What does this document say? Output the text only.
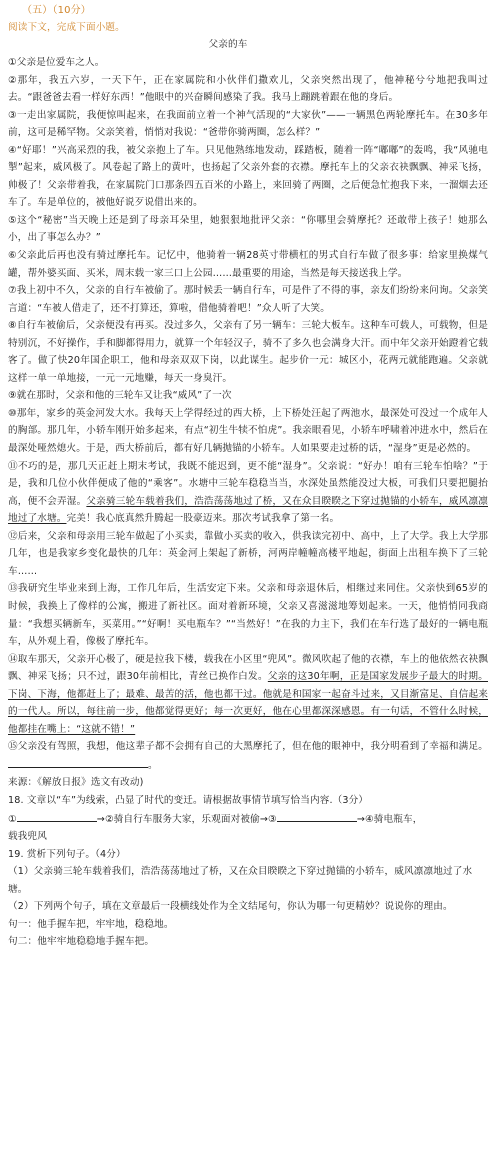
（五）（10分）
阅读下文，完成下面小题。
父亲的车

①父亲是位爱车之人。

②那年，我五六岁，一天下午，正在家属院和小伙伴们撒欢儿，父亲突然出现了，他神秘兮兮地把我叫过去。“跟爸爸去看一样好东西！”他眼中的兴奋瞬间感染了我。我马上蹦跳着跟在他的身后。

③一走出家属院，我便惊叫起来，在我面前立着一个神气活现的“大家伙”——一辆黑色两轮摩托车。在30多年前，这可是稀罕物。父亲笑着，悄悄对我说：“爸带你骑两圈，怎么样？”

④“好耶！”兴高采烈的我，被父亲抱上了车。只见他熟练地发动，踩踏板，随着一阵“嘟嘟”的轰鸣，我“风驰电掣”起来，威风极了。风卷起了路上的黄叶，也扬起了父亲外套的衣襟。摩托车上的父亲衣袂飘飘、神采飞扬，帅极了！父亲带着我，在家属院门口那条四五百米的小路上，来回骑了两圈，之后便急忙抱我下来，一溜烟去还车了。车是单位的，被他好说歹说借出来的。

⑤这个“秘密”当天晚上还是到了母亲耳朵里，她狠狠地批评父亲：“你哪里会骑摩托？还敢带上孩子！她那么小，出了事怎么办？”

⑥父亲此后再也没有骑过摩托车。记忆中，他骑着一辆28英寸带横杠的男式自行车做了很多事：给家里换煤气罐，帮外婆买面、买米，周末载一家三口上公园……最重要的用途，当然是每天接送我上学。

⑦我上初中不久，父亲的自行车被偷了。那时候丢一辆自行车，可是件了不得的事，亲友们纷纷来问询。父亲笑言道：“车被人借走了，还不打算还，算啦，借他骑着吧！”众人听了大笑。

⑧自行车被偷后，父亲便没有再买。没过多久，父亲有了另一辆车：三轮大板车。这种车可载人，可载物，但是特别沉，不好操作，手和脚都得用力，就算一个年轻汉子，骑不了多久也会满身大汗。而中年父亲开始蹬着它载客了。做了快20年国企职工，他和母亲双双下岗，以此谋生。起步价一元：城区小，花两元就能跑遍。父亲就这样一单一单地接，一元一元地赚，每天一身臭汗。

⑨就在那时，父亲和他的三轮车又让我“威风”了一次

⑩那年，家乡的英金河发大水。我每天上学得经过的西大桥，上下桥处汪起了两池水，最深处可没过一个成年人的胸部。那几年，小轿车刚开始多起来，有点“初生牛犊不怕虎”。我亲眼看见，小轿车呼啸着冲进水中，然后在最深处哑然熄火。于是，西大桥前后，都有好几辆抛锚的小轿车。人如果要走过桥的话，“湿身”更是必然的。

⑪不巧的是，那几天正赶上期末考试，我既不能迟到，更不能“湿身”。父亲说：“好办！咱有三轮车怕啥？”于是，我和几位小伙伴便成了他的“乘客”。水塘中三轮车稳稳当当，水深处虽然能没过大板，可我们只要把腿抬高，便不会弄湿。父亲骑三轮车载着我们，浩浩荡荡地过了桥，又在众目睽睽之下穿过抛锚的小轿车，威风凛凛地过了水塘。完美！我心底真然升腾起一股豪迈来。那次考试我拿了第一名。

⑫后来，父亲和母亲用三轮车做起了小买卖，靠做小买卖的收入，供我读完初中、高中，上了大学。我上大学那几年，也是我家乡变化最快的几年：英金河上架起了新桥，河两岸幢幢高楼平地起，街面上出租车换下了三轮车……

⑬我研究生毕业来到上海，工作几年后，生活安定下来。父亲和母亲退休后，相继过来同住。父亲快到65岁的时候，我换上了像样的公寓，搬进了新社区。面对着新环境，父亲又喜滋滋地筹划起来。一天，他悄悄同我商量：“我想买辆新车，买菜用。”“好啊！买电瓶车？”“当然好！”在我的力主下，我们在车行选了最好的一辆电瓶车，从外观上看，像极了摩托车。

⑭取车那天，父亲开心极了，硬是拉我下楼，载我在小区里“兜风”。微风吹起了他的衣襟，车上的他依然衣袂飘飘、神采飞扬；只不过，跟30年前相比，青丝已换作白发。父亲的这30年啊，正是国家发展步子最大的时期。下岗、下海，他都赶上了；最难、最苦的活，他也都干过。他就是和国家一起奋斗过来，又目渐富足、自信起来的一代人。所以，每往前一步，他都觉得更好；每一次更好，他在心里都深深感恩。有一句话，不管什么时候，他都挂在嘴上：“这就不错！”

⑮父亲没有驾照，我想，他这辈子都不会拥有自己的大黑摩托了，但在他的眼神中，我分明看到了幸福和满足。。

来源：《解放日报》选文有改动)

18. 文章以“车”为线索，凸显了时代的变迁。请根据故事情节填写恰当内容.（3分）

①	→②骑自行车服务大家，乐观面对被偷→③	→④骑电瓶车，

载我兜风

19. 赏析下列句子。（4分）

（1）父亲骑三轮车载着我们，浩浩荡荡地过了桥，又在众目睽睽之下穿过抛锚的小轿车，威风凛凛地过了水塘。

（2）下列两个句子，填在文章最后一段横线处作为全文结尾句，你认为哪一句更精妙？说说你的理由。

句一：他手握车把，牢牢地，稳稳地。

句二：他牢牢地稳稳地手握车把。
